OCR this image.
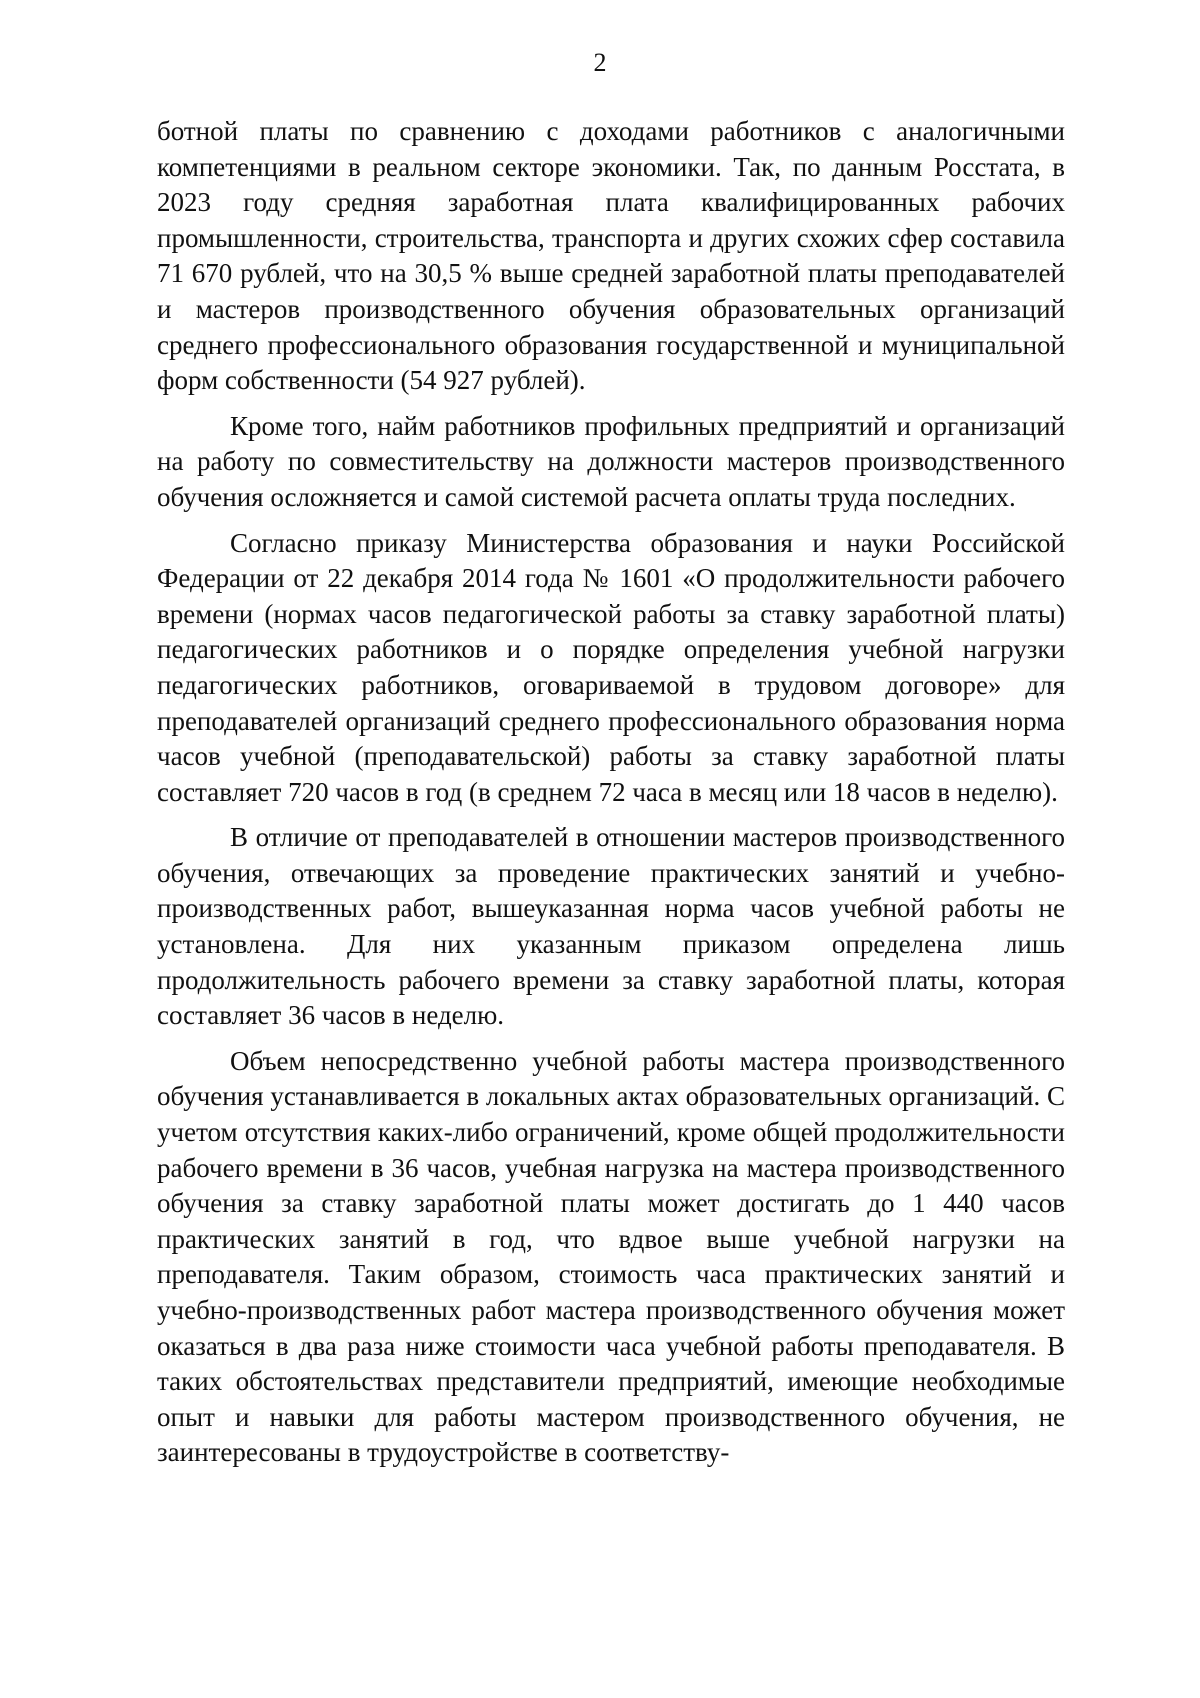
2

ботной платы по сравнению с доходами работников с аналогичными компетенциями в реальном секторе экономики. Так, по данным Росстата, в 2023 году средняя заработная плата квалифицированных рабочих промышленности, строительства, транспорта и других схожих сфер составила 71 670 рублей, что на 30,5 % выше средней заработной платы преподавателей и мастеров производственного обучения образовательных организаций среднего профессионального образования государственной и муниципальной форм собственности (54 927 рублей).

Кроме того, найм работников профильных предприятий и организаций на работу по совместительству на должности мастеров производственного обучения осложняется и самой системой расчета оплаты труда последних.

Согласно приказу Министерства образования и науки Российской Федерации от 22 декабря 2014 года № 1601 «О продолжительности рабочего времени (нормах часов педагогической работы за ставку заработной платы) педагогических работников и о порядке определения учебной нагрузки педагогических работников, оговариваемой в трудовом договоре» для преподавателей организаций среднего профессионального образования норма часов учебной (преподавательской) работы за ставку заработной платы составляет 720 часов в год (в среднем 72 часа в месяц или 18 часов в неделю).

В отличие от преподавателей в отношении мастеров производственного обучения, отвечающих за проведение практических занятий и учебно-производственных работ, вышеуказанная норма часов учебной работы не установлена. Для них указанным приказом определена лишь продолжительность рабочего времени за ставку заработной платы, которая составляет 36 часов в неделю.

Объем непосредственно учебной работы мастера производственного обучения устанавливается в локальных актах образовательных организаций. С учетом отсутствия каких-либо ограничений, кроме общей продолжительности рабочего времени в 36 часов, учебная нагрузка на мастера производственного обучения за ставку заработной платы может достигать до 1 440 часов практических занятий в год, что вдвое выше учебной нагрузки на преподавателя. Таким образом, стоимость часа практических занятий и учебно-производственных работ мастера производственного обучения может оказаться в два раза ниже стоимости часа учебной работы преподавателя. В таких обстоятельствах представители предприятий, имеющие необходимые опыт и навыки для работы мастером производственного обучения, не заинтересованы в трудоустройстве в соответству-
